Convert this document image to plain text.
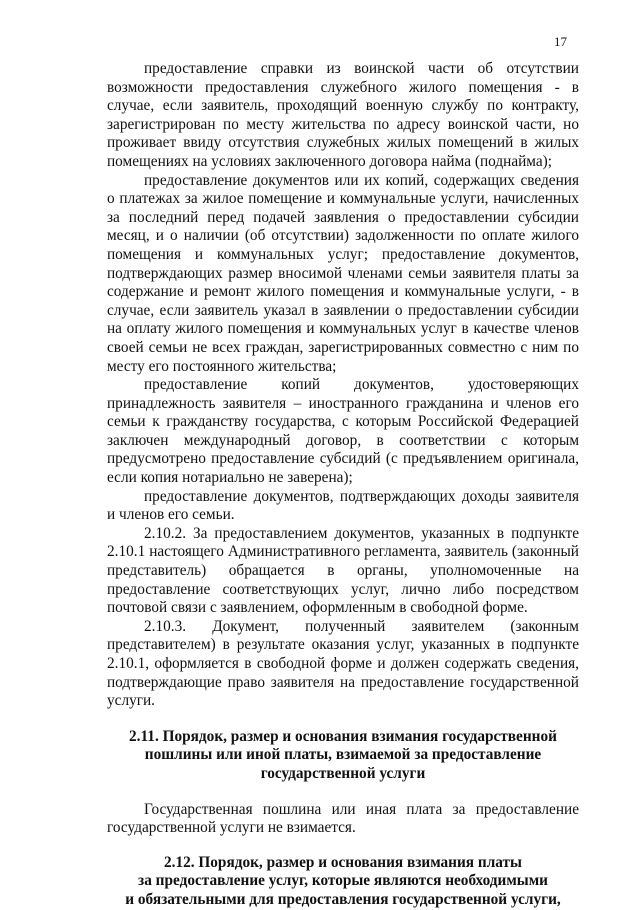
17

предоставление справки из воинской части об отсутствии возможности предоставления служебного жилого помещения - в случае, если заявитель, проходящий военную службу по контракту, зарегистрирован по месту жительства по адресу воинской части, но проживает ввиду отсутствия служебных жилых помещений в жилых помещениях на условиях заключенного договора найма (поднайма);

предоставление документов или их копий, содержащих сведения о платежах за жилое помещение и коммунальные услуги, начисленных за последний перед подачей заявления о предоставлении субсидии месяц, и о наличии (об отсутствии) задолженности по оплате жилого помещения и коммунальных услуг; предоставление документов, подтверждающих размер вносимой членами семьи заявителя платы за содержание и ремонт жилого помещения и коммунальные услуги, - в случае, если заявитель указал в заявлении о предоставлении субсидии на оплату жилого помещения и коммунальных услуг в качестве членов своей семьи не всех граждан, зарегистрированных совместно с ним по месту его постоянного жительства;

предоставление копий документов, удостоверяющих принадлежность заявителя – иностранного гражданина и членов его семьи к гражданству государства, с которым Российской Федерацией заключен международный договор, в соответствии с которым предусмотрено предоставление субсидий (с предъявлением оригинала, если копия нотариально не заверена);

предоставление документов, подтверждающих доходы заявителя и членов его семьи.

2.10.2. За предоставлением документов, указанных в подпункте 2.10.1 настоящего Административного регламента, заявитель (законный представитель) обращается в органы, уполномоченные на предоставление соответствующих услуг, лично либо посредством почтовой связи с заявлением, оформленным в свободной форме.

2.10.3. Документ, полученный заявителем (законным представителем) в результате оказания услуг, указанных в подпункте 2.10.1, оформляется в свободной форме и должен содержать сведения, подтверждающие право заявителя на предоставление государственной услуги.

2.11. Порядок, размер и основания взимания государственной
пошлины или иной платы, взимаемой за предоставление
государственной услуги

Государственная пошлина или иная плата за предоставление государственной услуги не взимается.

2.12. Порядок, размер и основания взимания платы
за предоставление услуг, которые являются необходимыми
и обязательными для предоставления государственной услуги,
